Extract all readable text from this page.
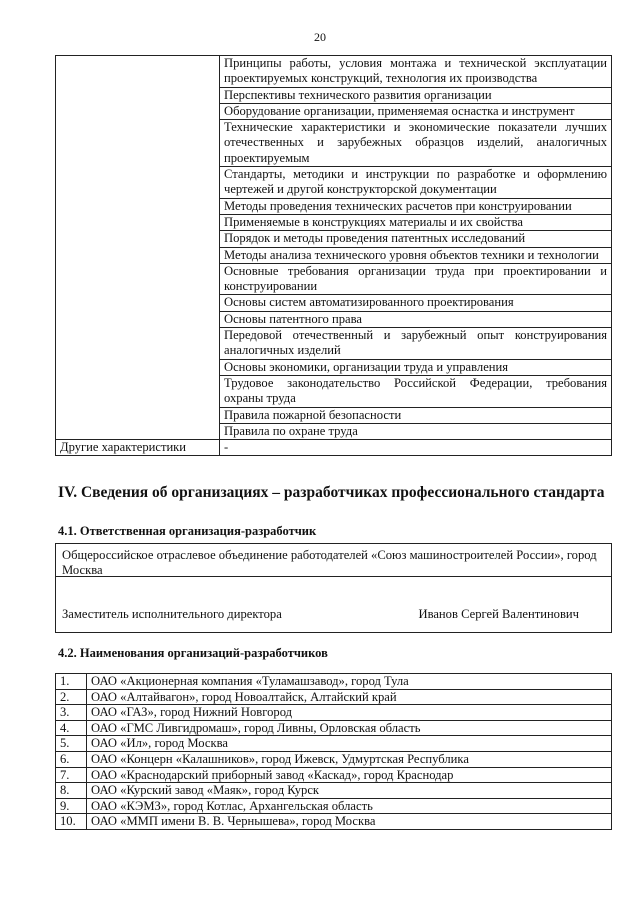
20
	Принципы работы, условия монтажа и технической эксплуатации проектируемых конструкций, технология их производства
	Перспективы технического развития организации
	Оборудование организации, применяемая оснастка и инструмент
	Технические характеристики и экономические показатели лучших отечественных и зарубежных образцов изделий, аналогичных проектируемым
	Стандарты, методики и инструкции по разработке и оформлению чертежей и другой конструкторской документации
	Методы проведения технических расчетов при конструировании
	Применяемые в конструкциях материалы и их свойства
	Порядок и методы проведения патентных исследований
	Методы анализа технического уровня объектов техники и технологии
	Основные требования организации труда при проектировании и конструировании
	Основы систем автоматизированного проектирования
	Основы патентного права
	Передовой отечественный и зарубежный опыт конструирования аналогичных изделий
	Основы экономики, организации труда и управления
	Трудовое законодательство Российской Федерации, требования охраны труда
	Правила пожарной безопасности
	Правила по охране труда
Другие характеристики	-
IV. Сведения об организациях – разработчиках профессионального стандарта
4.1. Ответственная организация-разработчик
Общероссийское отраслевое объединение работодателей «Союз машиностроителей России», город Москва
Заместитель исполнительного директора	Иванов Сергей Валентинович
4.2. Наименования организаций-разработчиков
1.	ОАО «Акционерная компания «Туламашзавод», город Тула
2.	ОАО «Алтайвагон», город Новоалтайск, Алтайский край
3.	ОАО «ГАЗ», город Нижний Новгород
4.	ОАО «ГМС Ливгидромаш», город Ливны, Орловская область
5.	ОАО «Ил», город Москва
6.	ОАО «Концерн «Калашников», город Ижевск, Удмуртская Республика
7.	ОАО «Краснодарский приборный завод «Каскад», город Краснодар
8.	ОАО «Курский завод «Маяк», город Курск
9.	ОАО «КЭМЗ», город Котлас, Архангельская область
10.	ОАО «ММП имени В. В. Чернышева», город Москва
